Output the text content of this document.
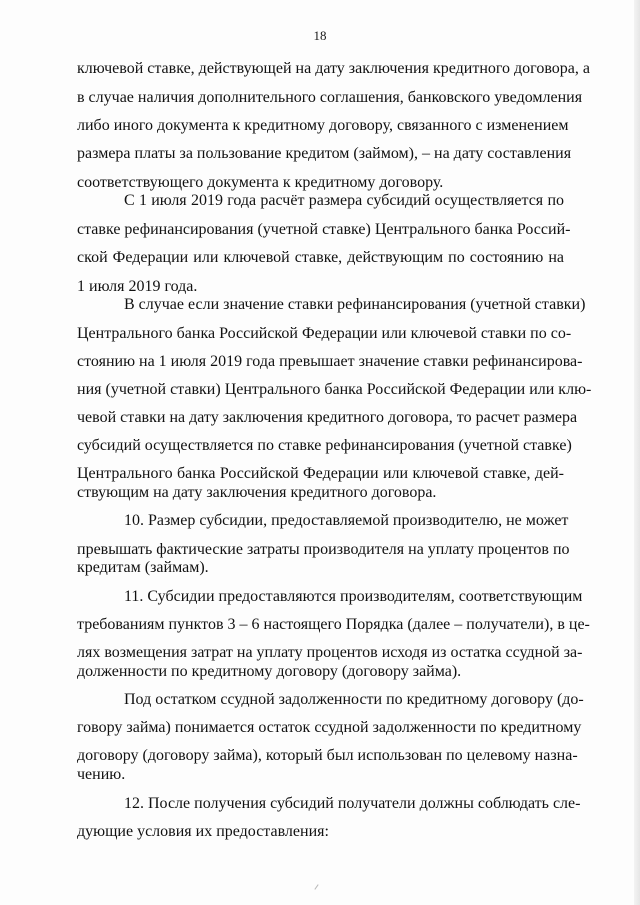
18
ключевой ставке, действующей на дату заключения кредитного договора, а
в случае наличия дополнительного соглашения, банковского уведомления
либо иного документа к кредитному договору, связанного с изменением
размера платы за пользование кредитом (займом), – на дату составления
соответствующего документа к кредитному договору.
С 1 июля 2019 года расчёт размера субсидий осуществляется по
ставке рефинансирования (учетной ставке) Центрального банка Россий-
ской Федерации или ключевой ставке, действующим по состоянию на
1 июля 2019 года.
В случае если значение ставки рефинансирования (учетной ставки)
Центрального банка Российской Федерации или ключевой ставки по со-
стоянию на 1 июля 2019 года превышает значение ставки рефинансирова-
ния (учетной ставки) Центрального банка Российской Федерации или клю-
чевой ставки на дату заключения кредитного договора, то расчет размера
субсидий осуществляется по ставке рефинансирования (учетной ставке)
Центрального банка Российской Федерации или ключевой ставке, дей-
ствующим на дату заключения кредитного договора.
10. Размер субсидии, предоставляемой производителю, не может
превышать фактические затраты производителя на уплату процентов по
кредитам (займам).
11. Субсидии предоставляются производителям, соответствующим
требованиям пунктов 3 – 6 настоящего Порядка (далее – получатели), в це-
лях возмещения затрат на уплату процентов исходя из остатка ссудной за-
долженности по кредитному договору (договору займа).
Под остатком ссудной задолженности по кредитному договору (до-
говору займа) понимается остаток ссудной задолженности по кредитному
договору (договору займа), который был использован по целевому назна-
чению.
12. После получения субсидий получатели должны соблюдать сле-
дующие условия их предоставления:
